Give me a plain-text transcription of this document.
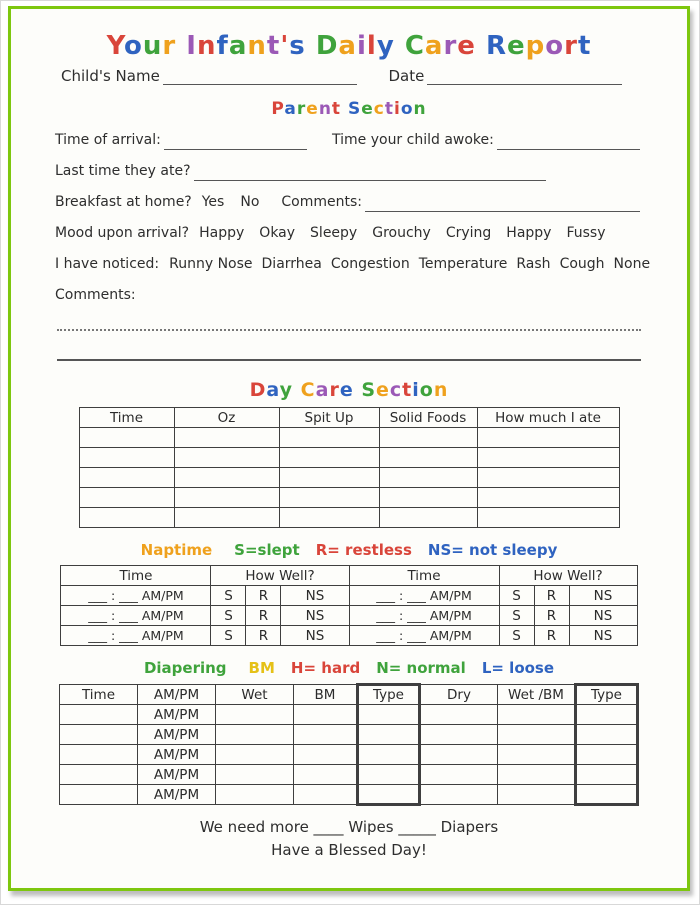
Your Infant's Daily Care Report
Child's Name	Date
Parent Section
Time of arrival:	Time your child awoke:
Last time they ate?
Breakfast at home? Yes No Comments:
Mood upon arrival? Happy Okay Sleepy Grouchy Crying Happy Fussy
I have noticed: Runny Nose Diarrhea Congestion Temperature Rash Cough None
Comments:
Day Care Section
Time	Oz	Spit Up	Solid Foods	How much I ate

Naptime S=slept R= restless NS= not sleepy
Time	How Well?			Time	How Well?		
___ : ___ AM/PM	S	R	NS	___ : ___ AM/PM	S	R	NS
___ : ___ AM/PM	S	R	NS	___ : ___ AM/PM	S	R	NS
___ : ___ AM/PM	S	R	NS	___ : ___ AM/PM	S	R	NS
Diapering BM H= hard N= normal L= loose
Time	AM/PM	Wet	BM	Type	Dry	Wet /BM	Type
	AM/PM						
	AM/PM						
	AM/PM						
	AM/PM						
	AM/PM						
We need more ____ Wipes _____ Diapers
Have a Blessed Day!
